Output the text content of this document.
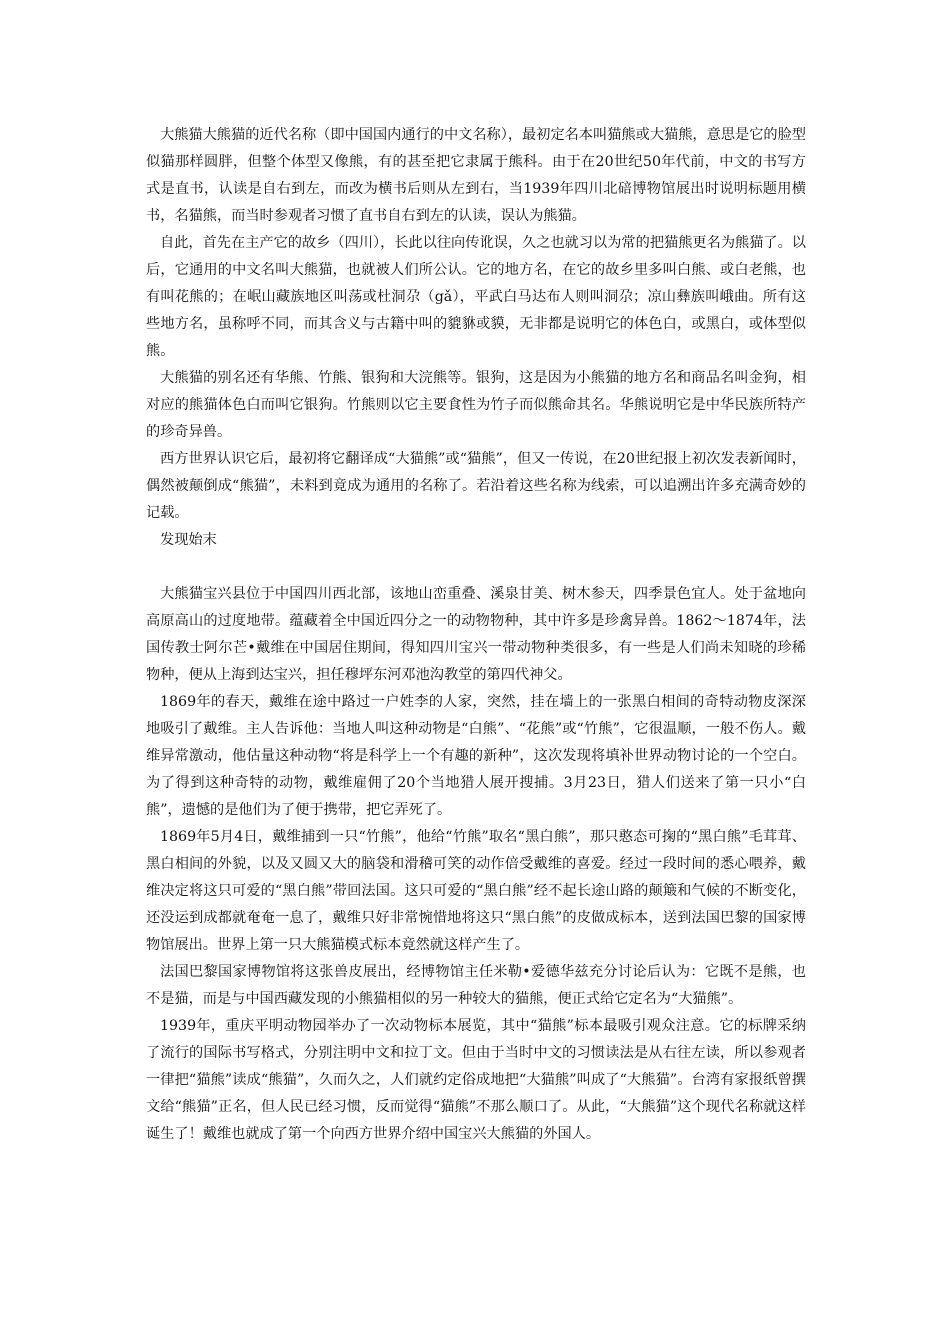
大熊猫大熊猫的近代名称（即中国国内通行的中文名称），最初定名本叫猫熊或大猫熊，意思是它的脸型似猫那样圆胖，但整个体型又像熊，有的甚至把它隶属于熊科。由于在20世纪50年代前，中文的书写方式是直书，认读是自右到左，而改为横书后则从左到右，当1939年四川北碚博物馆展出时说明标题用横书，名猫熊，而当时参观者习惯了直书自右到左的认读，误认为熊猫。

自此，首先在主产它的故乡（四川），长此以往向传讹误，久之也就习以为常的把猫熊更名为熊猫了。以后，它通用的中文名叫大熊猫，也就被人们所公认。它的地方名，在它的故乡里多叫白熊、或白老熊，也有叫花熊的；在岷山藏族地区叫荡或杜洞尕（gǎ），平武白马达布人则叫洞尕；凉山彝族叫峨曲。所有这些地方名，虽称呼不同，而其含义与古籍中叫的貔貅或貘，无非都是说明它的体色白，或黑白，或体型似熊。

大熊猫的别名还有华熊、竹熊、银狗和大浣熊等。银狗，这是因为小熊猫的地方名和商品名叫金狗，相对应的熊猫体色白而叫它银狗。竹熊则以它主要食性为竹子而似熊命其名。华熊说明它是中华民族所特产的珍奇异兽。

西方世界认识它后，最初将它翻译成“大猫熊”或“猫熊”，但又一传说，在20世纪报上初次发表新闻时，偶然被颠倒成“熊猫”，未料到竟成为通用的名称了。若沿着这些名称为线索，可以追溯出许多充满奇妙的记载。

发现始末

大熊猫宝兴县位于中国四川西北部，该地山峦重叠、溪泉甘美、树木参天，四季景色宜人。处于盆地向高原高山的过度地带。蕴藏着全中国近四分之一的动物物种，其中许多是珍禽异兽。1862～1874年，法国传教士阿尔芒•戴维在中国居住期间，得知四川宝兴一带动物种类很多，有一些是人们尚未知晓的珍稀物种，便从上海到达宝兴，担任穆坪东河邓池沟教堂的第四代神父。

1869年的春天，戴维在途中路过一户姓李的人家，突然，挂在墙上的一张黑白相间的奇特动物皮深深地吸引了戴维。主人告诉他：当地人叫这种动物是“白熊”、“花熊”或“竹熊”，它很温顺，一般不伤人。戴维异常激动，他估量这种动物“将是科学上一个有趣的新种”，这次发现将填补世界动物讨论的一个空白。为了得到这种奇特的动物，戴维雇佣了20个当地猎人展开搜捕。3月23日，猎人们送来了第一只小“白熊”，遗憾的是他们为了便于携带，把它弄死了。

1869年5月4日，戴维捕到一只“竹熊”，他给“竹熊”取名“黑白熊”，那只憨态可掬的“黑白熊”毛茸茸、黑白相间的外貌，以及又圆又大的脑袋和滑稽可笑的动作倍受戴维的喜爱。经过一段时间的悉心喂养，戴维决定将这只可爱的“黑白熊”带回法国。这只可爱的“黑白熊”经不起长途山路的颠簸和气候的不断变化，还没运到成都就奄奄一息了，戴维只好非常惋惜地将这只“黑白熊”的皮做成标本，送到法国巴黎的国家博物馆展出。世界上第一只大熊猫模式标本竟然就这样产生了。

法国巴黎国家博物馆将这张兽皮展出，经博物馆主任米勒•爱德华兹充分讨论后认为：它既不是熊，也不是猫，而是与中国西藏发现的小熊猫相似的另一种较大的猫熊，便正式给它定名为“大猫熊”。

1939年，重庆平明动物园举办了一次动物标本展览，其中“猫熊”标本最吸引观众注意。它的标牌采纳了流行的国际书写格式，分别注明中文和拉丁文。但由于当时中文的习惯读法是从右往左读，所以参观者一律把“猫熊”读成“熊猫”，久而久之，人们就约定俗成地把“大猫熊”叫成了“大熊猫”。台湾有家报纸曾撰文给“熊猫”正名，但人民已经习惯，反而觉得“猫熊”不那么顺口了。从此，“大熊猫”这个现代名称就这样诞生了！戴维也就成了第一个向西方世界介绍中国宝兴大熊猫的外国人。
